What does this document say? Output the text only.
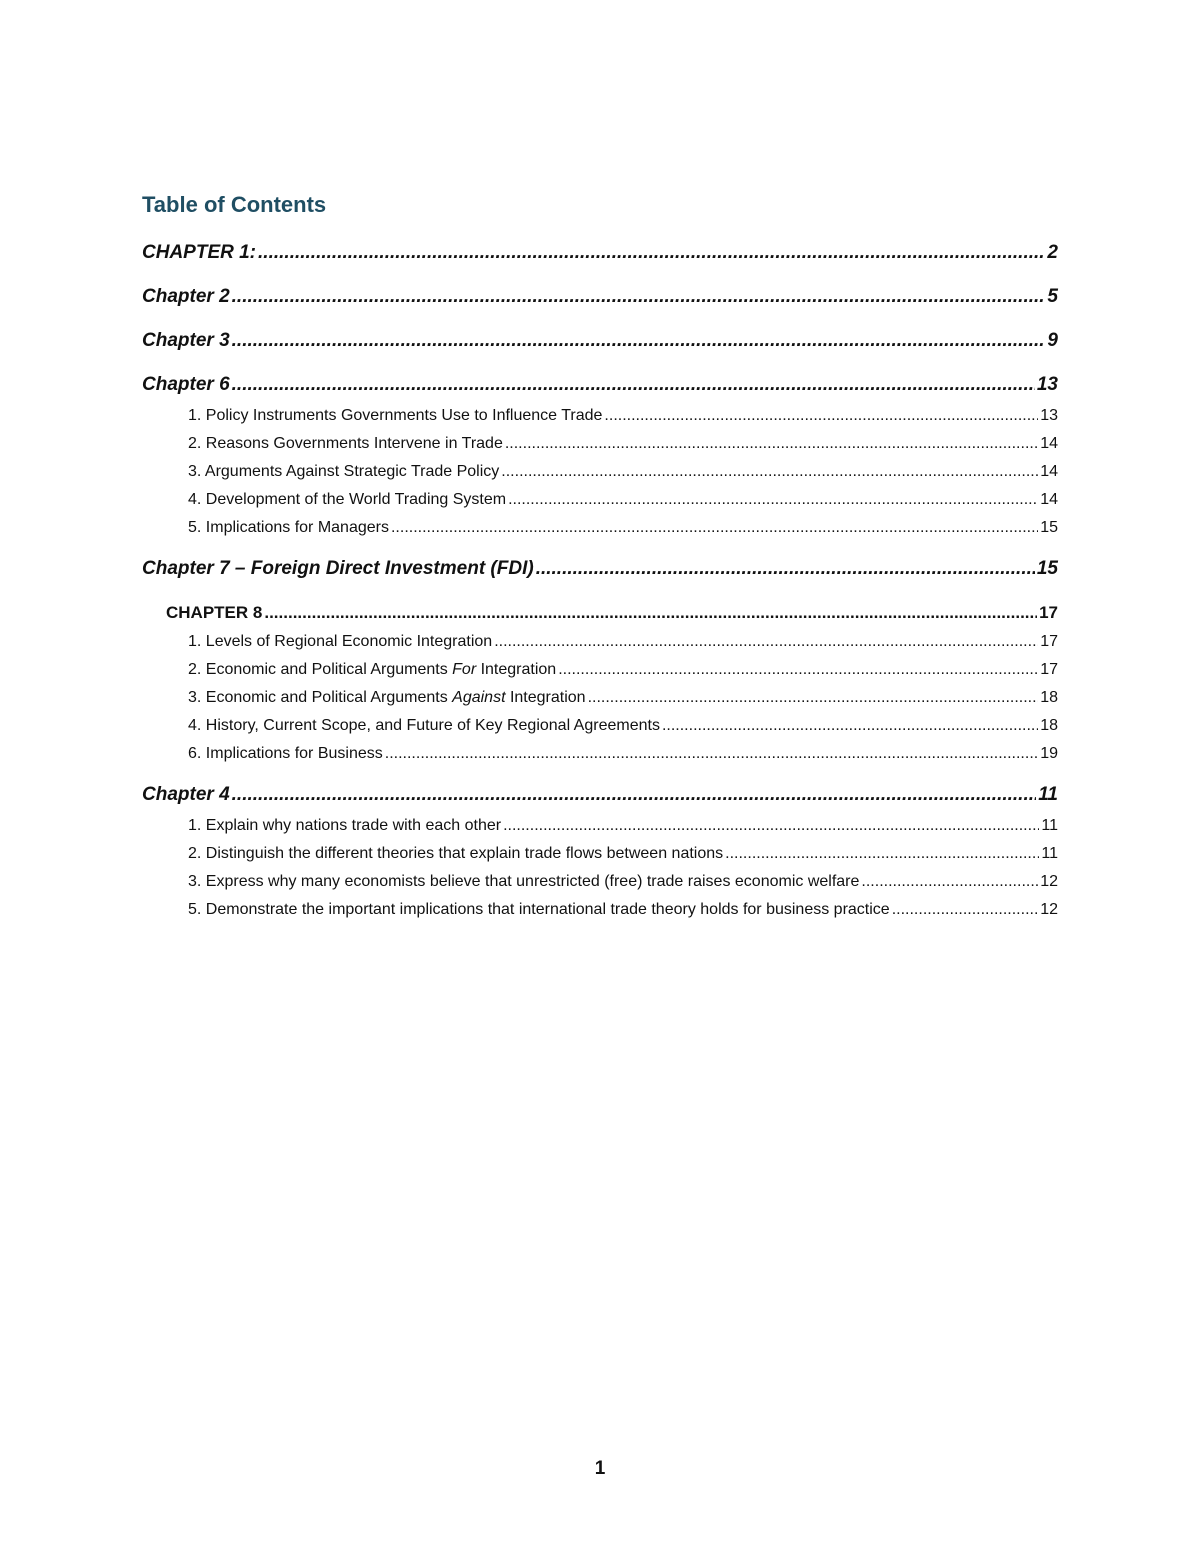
Table of Contents
CHAPTER 1: .....	2
Chapter 2 .....	5
Chapter 3 .....	9
Chapter 6 .....	13
1. Policy Instruments Governments Use to Influence Trade .....	13
2. Reasons Governments Intervene in Trade .....	14
3. Arguments Against Strategic Trade Policy .....	14
4. Development of the World Trading System .....	14
5. Implications for Managers .....	15
Chapter 7 – Foreign Direct Investment (FDI) .....	15
CHAPTER 8 .....	17
1. Levels of Regional Economic Integration .....	17
2. Economic and Political Arguments For Integration .....	17
3. Economic and Political Arguments Against Integration .....	18
4. History, Current Scope, and Future of Key Regional Agreements .....	18
6. Implications for Business .....	19
Chapter 4 .....	11
1. Explain why nations trade with each other .....	11
2. Distinguish the different theories that explain trade flows between nations .....	11
3. Express why many economists believe that unrestricted (free) trade raises economic welfare .....	12
5. Demonstrate the important implications that international trade theory holds for business practice .....	12
1
